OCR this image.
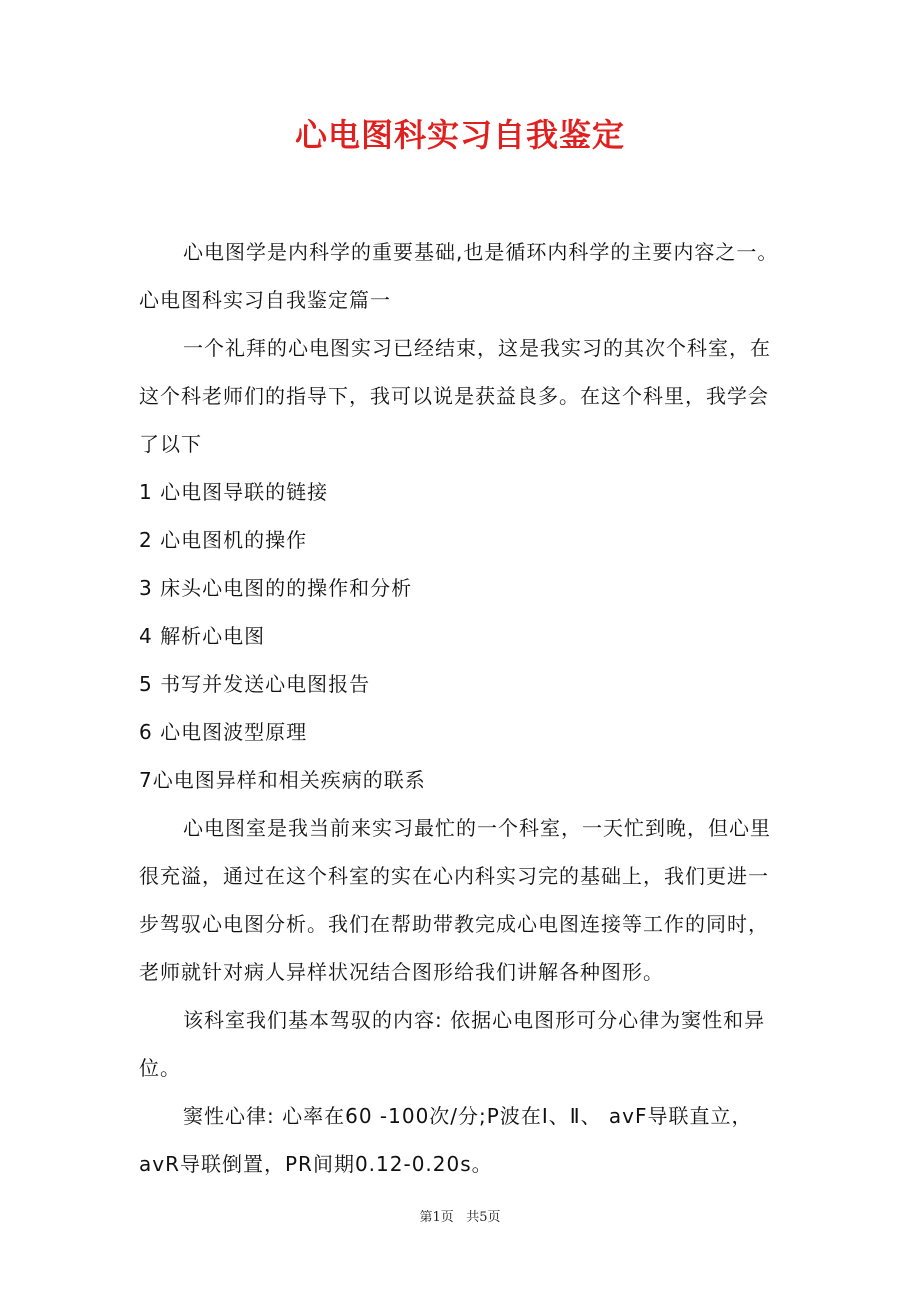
心电图科实习自我鉴定

心电图学是内科学的重要基础,也是循环内科学的主要内容之一。心电图科实习自我鉴定篇一

一个礼拜的心电图实习已经结束，这是我实习的其次个科室，在这个科老师们的指导下，我可以说是获益良多。在这个科里，我学会了以下

1 心电图导联的链接

2 心电图机的操作

3 床头心电图的的操作和分析

4 解析心电图

5 书写并发送心电图报告

6 心电图波型原理

7心电图异样和相关疾病的联系

心电图室是我当前来实习最忙的一个科室，一天忙到晚，但心里很充溢，通过在这个科室的实在心内科实习完的基础上，我们更进一步驾驭心电图分析。我们在帮助带教完成心电图连接等工作的同时，老师就针对病人异样状况结合图形给我们讲解各种图形。

该科室我们基本驾驭的内容: 依据心电图形可分心律为窦性和异位。

窦性心律: 心率在60 -100次/分;P波在Ⅰ、Ⅱ、 avF导联直立，avR导联倒置，PR间期0.12-0.20s。

第1页 共5页
